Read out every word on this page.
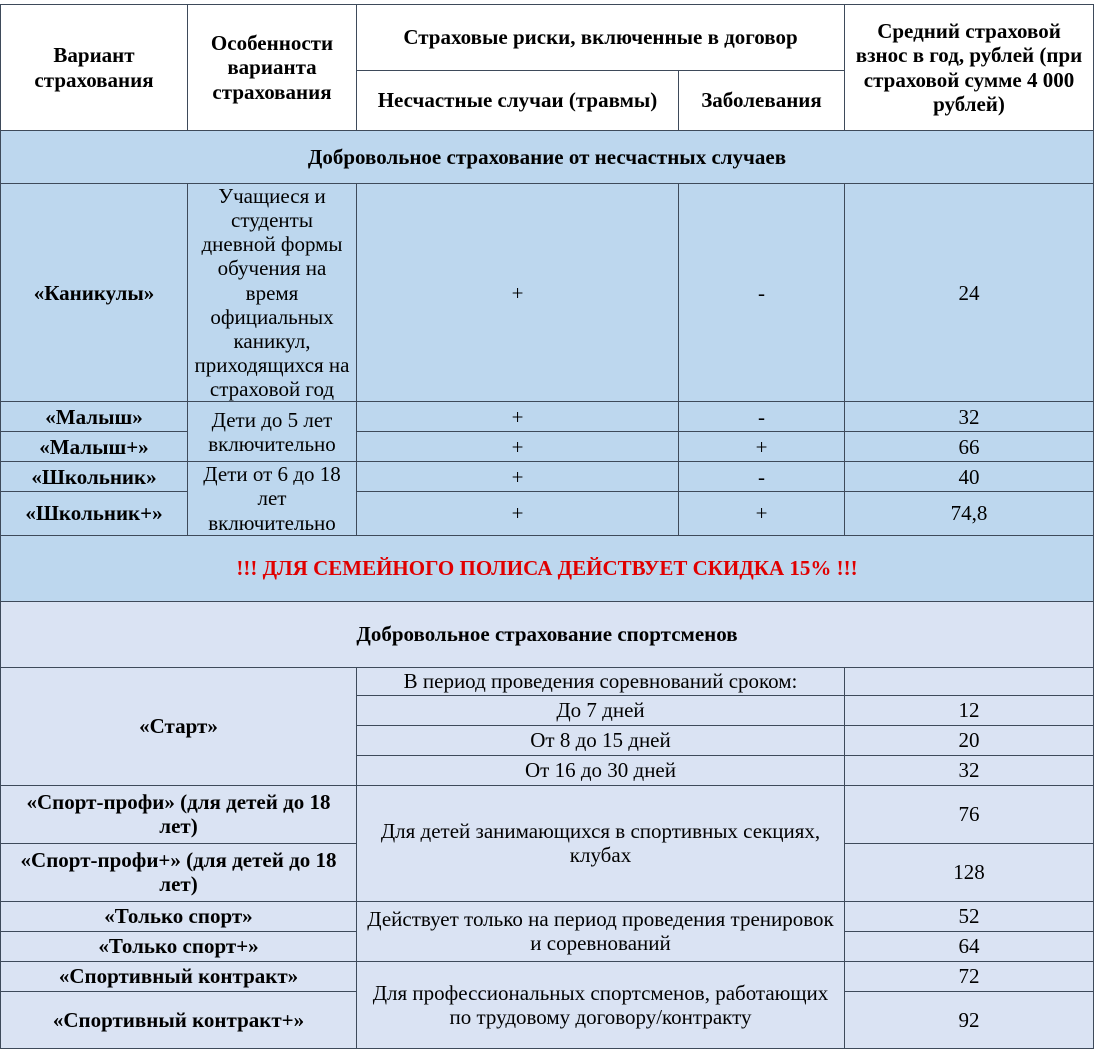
Вариант страхования	Особенности варианта страхования	Страховые риски, включенные в договор		Средний страховой взнос в год, рублей (при страховой сумме 4 000 рублей)
		Несчастные случаи (травмы)	Заболевания	
Добровольное страхование от несчастных случаев				
«Каникулы»	Учащиеся и студенты дневной формы обучения на время официальных каникул, приходящихся на страховой год	+	-	24
«Малыш»	Дети до 5 лет включительно	+	-	32
«Малыш+»		+	+	66
«Школьник»	Дети от 6 до 18 лет включительно	+	-	40
«Школьник+»		+	+	74,8
!!! ДЛЯ СЕМЕЙНОГО ПОЛИСА ДЕЙСТВУЕТ СКИДКА 15% !!!				
Добровольное страхование спортсменов				
«Старт»		В период проведения соревнований сроком:		
		До 7 дней		12
		От 8 до 15 дней		20
		От 16 до 30 дней		32
«Спорт-профи» (для детей до 18 лет)		Для детей занимающихся в спортивных секциях, клубах		76
«Спорт-профи+» (для детей до 18 лет)				128
«Только спорт»		Действует только на период проведения тренировок и соревнований		52
«Только спорт+»				64
«Спортивный контракт»		Для профессиональных спортсменов, работающих по трудовому договору/контракту		72
«Спортивный контракт+»				92
